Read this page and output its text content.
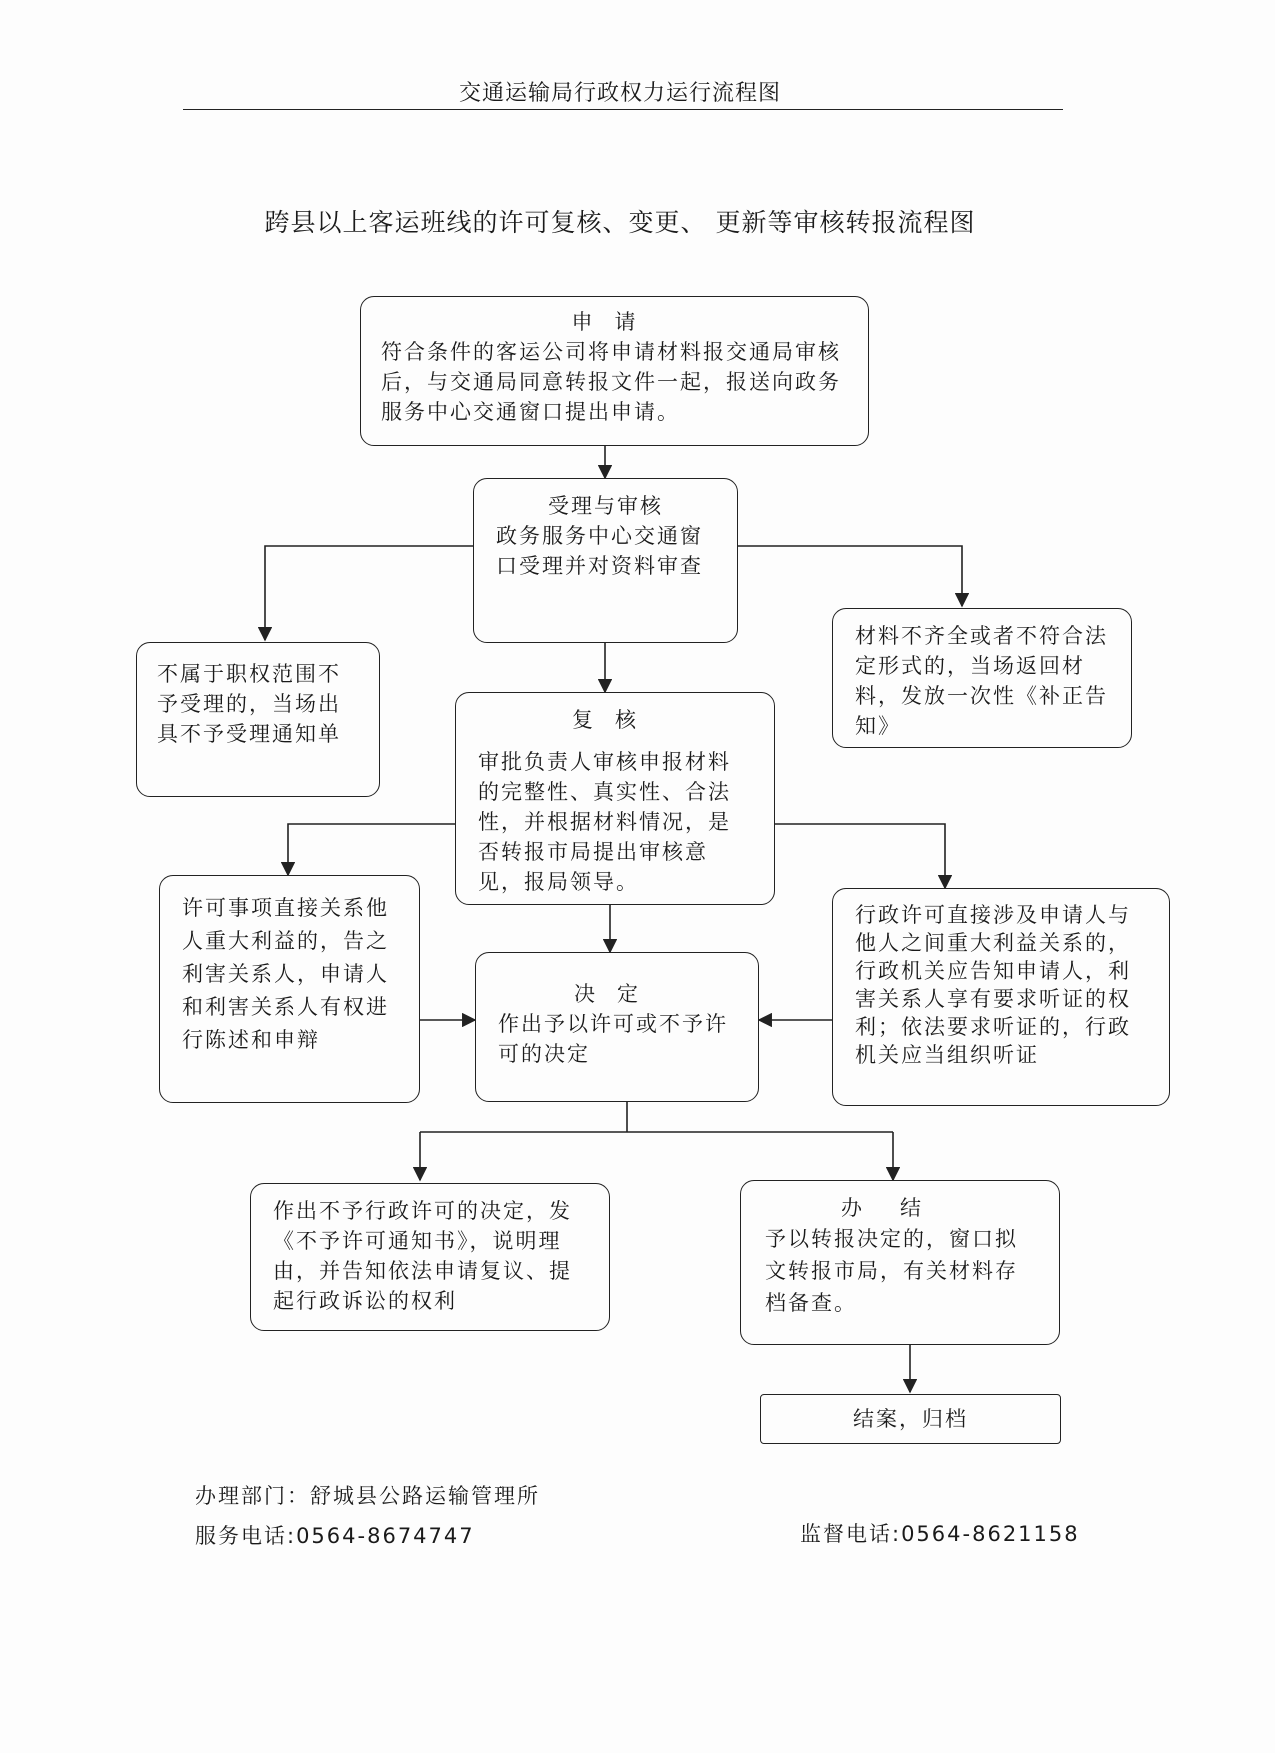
交通运输局行政权力运行流程图
跨县以上客运班线的许可复核、变更、 更新等审核转报流程图
申请
符合条件的客运公司将申请材料报交通局审核后，与交通局同意转报文件一起，报送向政务服务中心交通窗口提出申请。
受理与审核
政务服务中心交通窗口受理并对资料审查
不属于职权范围不予受理的，当场出具不予受理通知单
材料不齐全或者不符合法定形式的，当场返回材料，发放一次性《补正告知》
复核
审批负责人审核申报材料的完整性、真实性、合法性，并根据材料情况，是否转报市局提出审核意见，报局领导。
许可事项直接关系他人重大利益的，告之利害关系人，申请人和利害关系人有权进行陈述和申辩
决定
作出予以许可或不予许可的决定
行政许可直接涉及申请人与他人之间重大利益关系的，行政机关应告知申请人，利害关系人享有要求听证的权利；依法要求听证的，行政机关应当组织听证
作出不予行政许可的决定，发《不予许可通知书》，说明理由，并告知依法申请复议、提起行政诉讼的权利
办结
予以转报决定的，窗口拟文转报市局，有关材料存档备查。
结案，归档
办理部门：舒城县公路运输管理所
服务电话:0564-8674747	监督电话:0564-8621158
